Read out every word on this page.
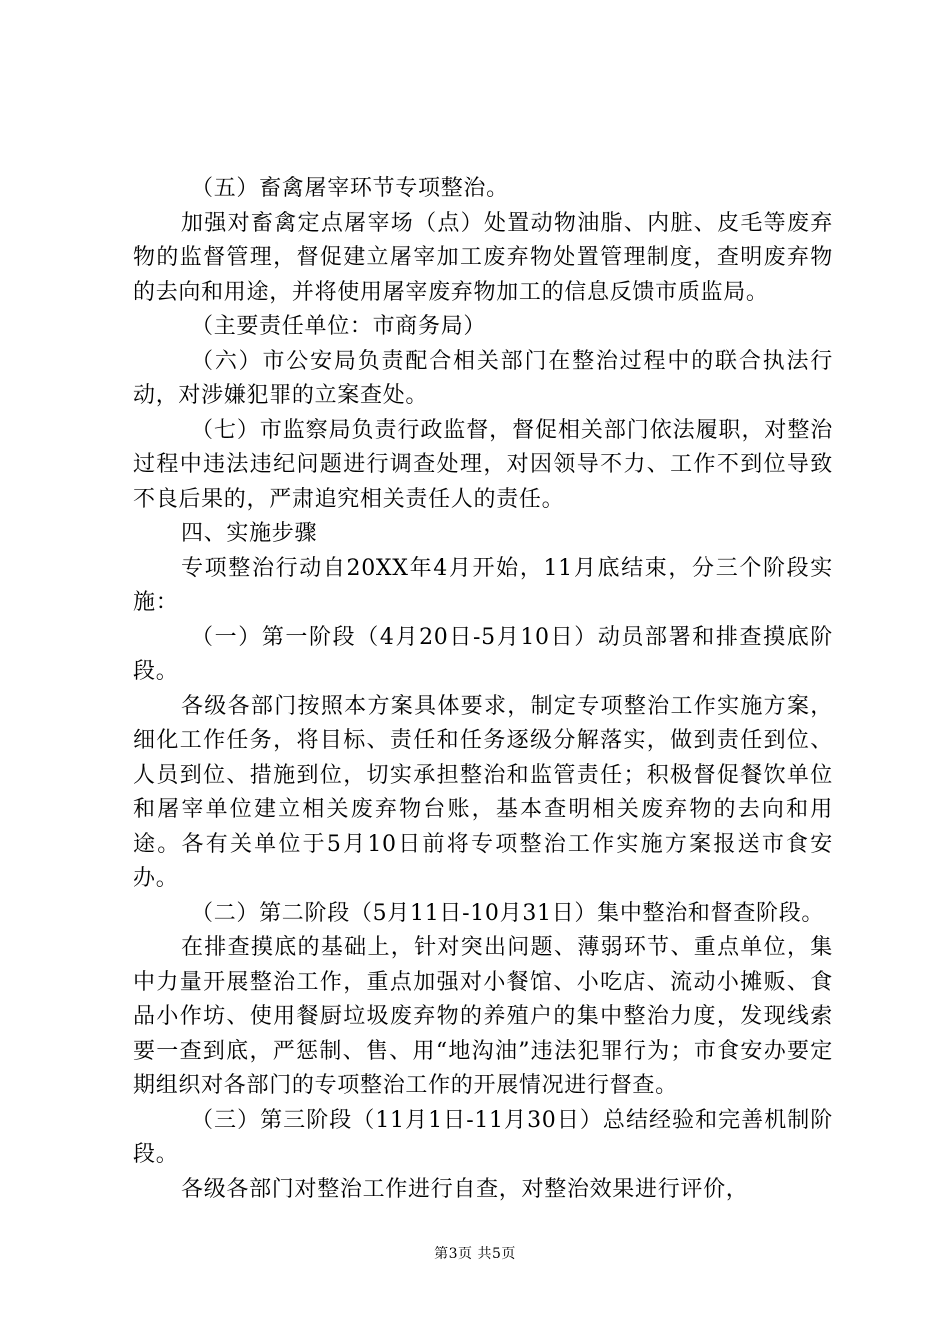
（五）畜禽屠宰环节专项整治。

加强对畜禽定点屠宰场（点）处置动物油脂、内脏、皮毛等废弃物的监督管理，督促建立屠宰加工废弃物处置管理制度，查明废弃物的去向和用途，并将使用屠宰废弃物加工的信息反馈市质监局。

（主要责任单位：市商务局）

（六）市公安局负责配合相关部门在整治过程中的联合执法行动，对涉嫌犯罪的立案查处。

（七）市监察局负责行政监督，督促相关部门依法履职，对整治过程中违法违纪问题进行调查处理，对因领导不力、工作不到位导致不良后果的，严肃追究相关责任人的责任。

四、实施步骤

专项整治行动自20XX年4月开始，11月底结束，分三个阶段实施：

（一）第一阶段（4月20日-5月10日）动员部署和排查摸底阶段。

各级各部门按照本方案具体要求，制定专项整治工作实施方案，细化工作任务，将目标、责任和任务逐级分解落实，做到责任到位、人员到位、措施到位，切实承担整治和监管责任；积极督促餐饮单位和屠宰单位建立相关废弃物台账，基本查明相关废弃物的去向和用途。各有关单位于5月10日前将专项整治工作实施方案报送市食安办。

（二）第二阶段（5月11日-10月31日）集中整治和督查阶段。

在排查摸底的基础上，针对突出问题、薄弱环节、重点单位，集中力量开展整治工作，重点加强对小餐馆、小吃店、流动小摊贩、食品小作坊、使用餐厨垃圾废弃物的养殖户的集中整治力度，发现线索要一查到底，严惩制、售、用“地沟油”违法犯罪行为；市食安办要定期组织对各部门的专项整治工作的开展情况进行督查。

（三）第三阶段（11月1日-11月30日）总结经验和完善机制阶段。

各级各部门对整治工作进行自查，对整治效果进行评价，

第3页 共5页
